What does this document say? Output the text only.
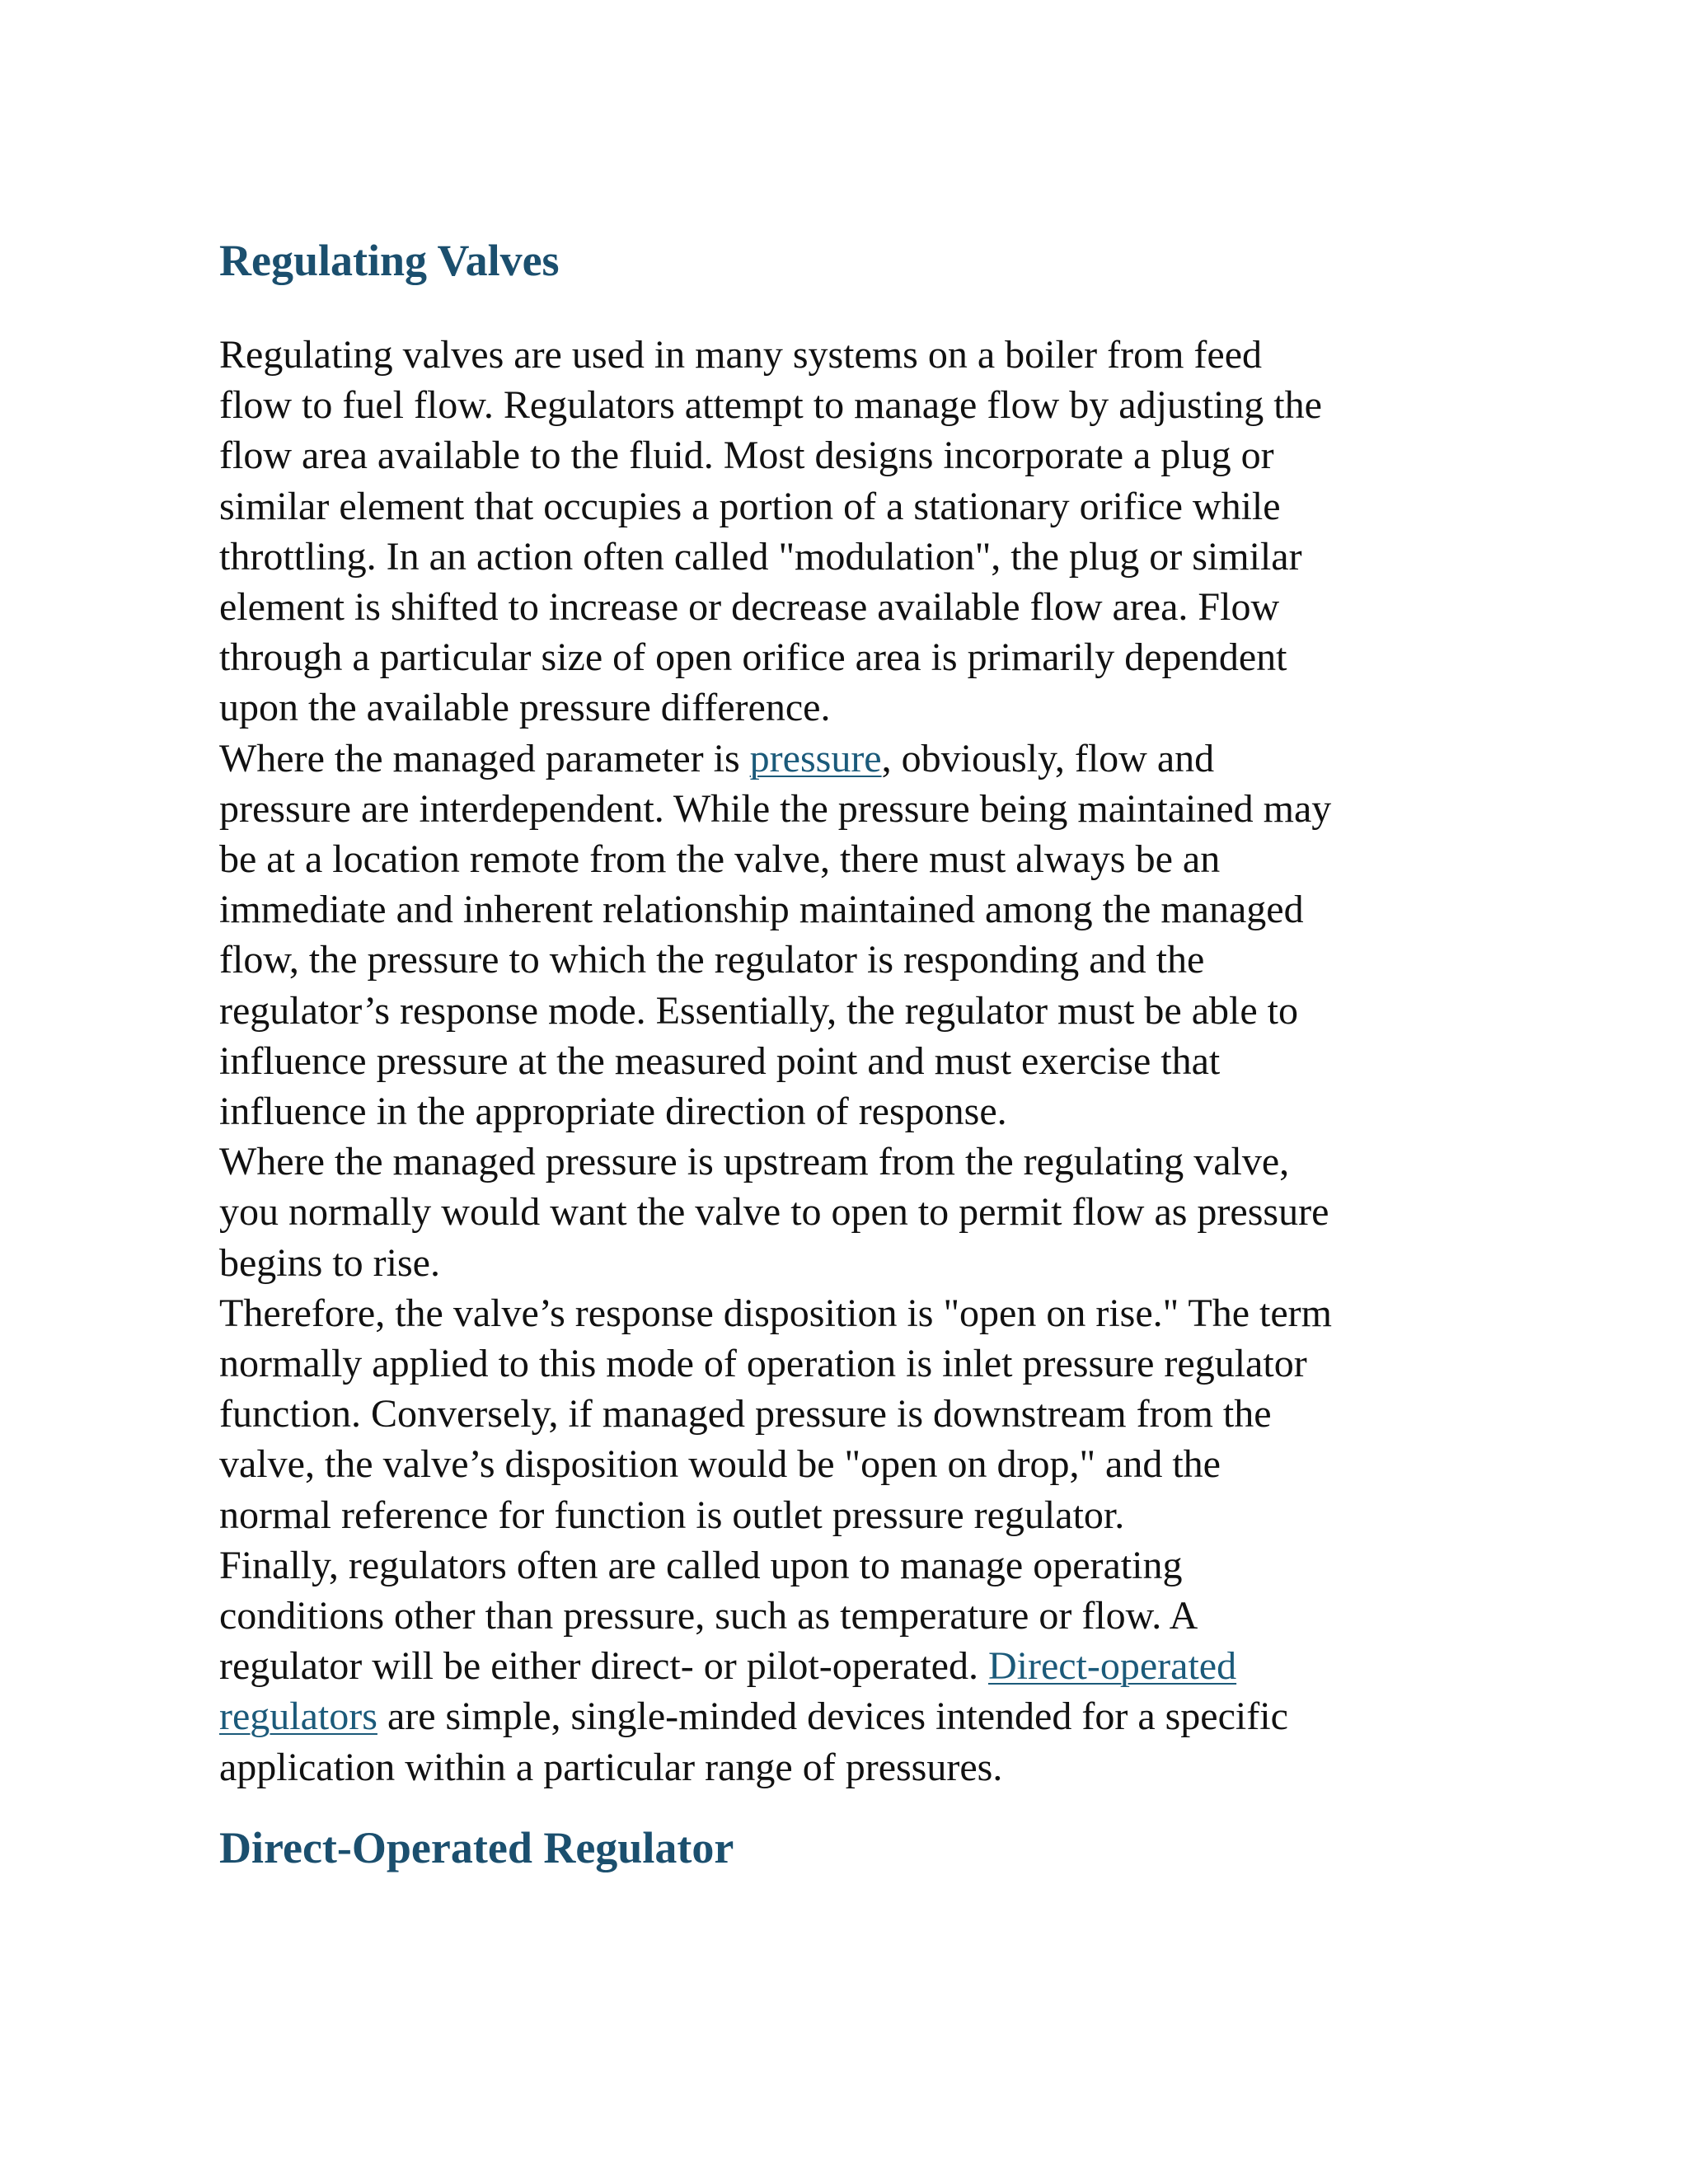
Regulating Valves

Regulating valves are used in many systems on a boiler from feed
flow to fuel flow. Regulators attempt to manage flow by adjusting the
flow area available to the fluid. Most designs incorporate a plug or
similar element that occupies a portion of a stationary orifice while
throttling. In an action often called "modulation", the plug or similar
element is shifted to increase or decrease available flow area. Flow
through a particular size of open orifice area is primarily dependent
upon the available pressure difference.

Where the managed parameter is pressure, obviously, flow and
pressure are interdependent. While the pressure being maintained may
be at a location remote from the valve, there must always be an
immediate and inherent relationship maintained among the managed
flow, the pressure to which the regulator is responding and the
regulator’s response mode. Essentially, the regulator must be able to
influence pressure at the measured point and must exercise that
influence in the appropriate direction of response.

Where the managed pressure is upstream from the regulating valve,
you normally would want the valve to open to permit flow as pressure
begins to rise.

Therefore, the valve’s response disposition is "open on rise." The term
normally applied to this mode of operation is inlet pressure regulator
function. Conversely, if managed pressure is downstream from the
valve, the valve’s disposition would be "open on drop," and the
normal reference for function is outlet pressure regulator.

Finally, regulators often are called upon to manage operating
conditions other than pressure, such as temperature or flow. A
regulator will be either direct- or pilot-operated. Direct-operated
regulators are simple, single-minded devices intended for a specific
application within a particular range of pressures.

Direct-Operated Regulator
